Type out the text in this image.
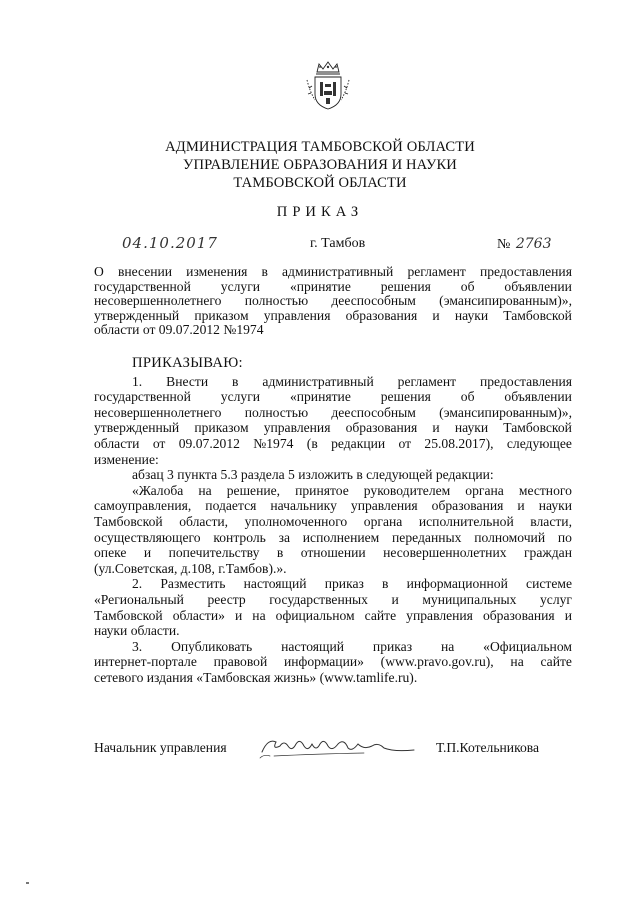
АДМИНИСТРАЦИЯ ТАМБОВСКОЙ ОБЛАСТИ
УПРАВЛЕНИЕ ОБРАЗОВАНИЯ И НАУКИ
ТАМБОВСКОЙ ОБЛАСТИ
ПРИКАЗ
04.10.2017	г. Тамбов	№ 2763
О внесении изменения в административный регламент предоставления
государственной услуги «принятие решения об объявлении
несовершеннолетнего полностью дееспособным (эмансипированным)»,
утвержденный приказом управления образования и науки Тамбовской
области от 09.07.2012 №1974
ПРИКАЗЫВАЮ:
1. Внести в административный регламент предоставления
государственной услуги «принятие решения об объявлении
несовершеннолетнего полностью дееспособным (эмансипированным)»,
утвержденный приказом управления образования и науки Тамбовской
области от 09.07.2012 №1974 (в редакции от 25.08.2017), следующее
изменение:
абзац 3 пункта 5.3 раздела 5 изложить в следующей редакции:
«Жалоба на решение, принятое руководителем органа местного
самоуправления, подается начальнику управления образования и науки
Тамбовской области, уполномоченного органа исполнительной власти,
осуществляющего контроль за исполнением переданных полномочий по
опеке и попечительству в отношении несовершеннолетних граждан
(ул.Советская, д.108, г.Тамбов).».
2. Разместить настоящий приказ в информационной системе
«Региональный реестр государственных и муниципальных услуг
Тамбовской области» и на официальном сайте управления образования и
науки области.
3. Опубликовать настоящий приказ на «Официальном
интернет-портале правовой информации» (www.pravo.gov.ru), на сайте
сетевого издания «Тамбовская жизнь» (www.tamlife.ru).
Начальник управления	Т.П.Котельникова
